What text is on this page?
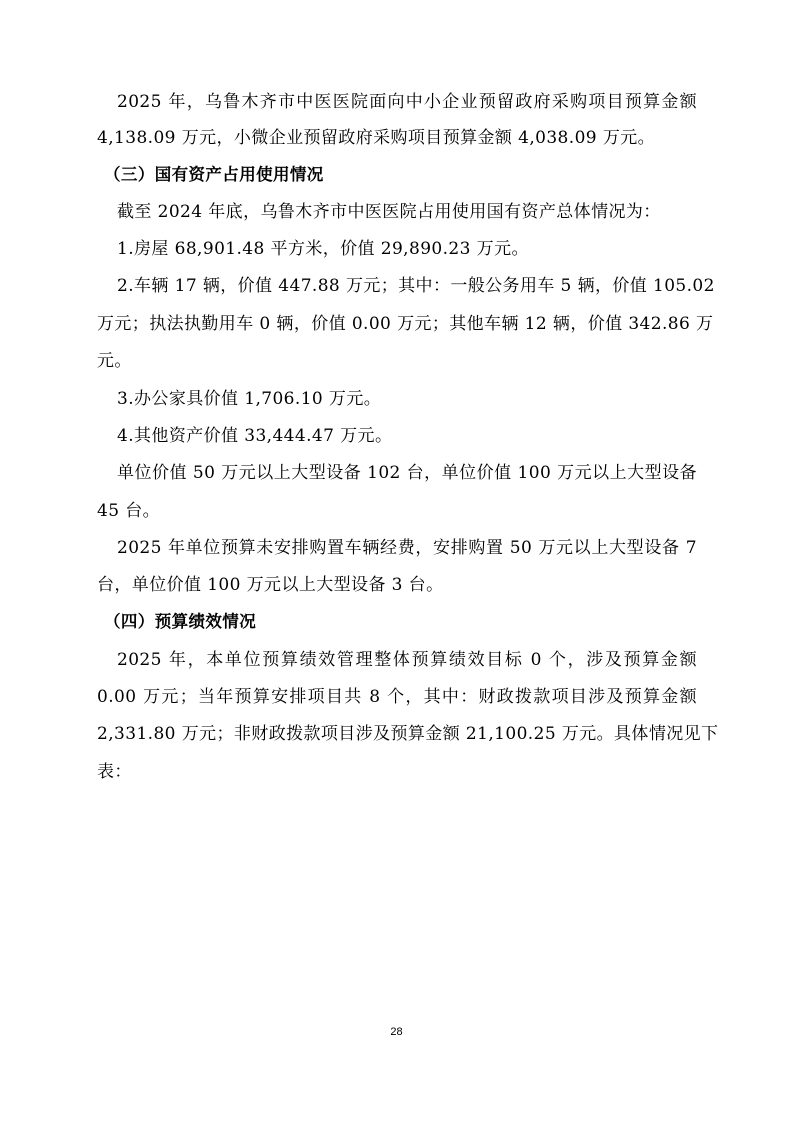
2025 年，乌鲁木齐市中医医院面向中小企业预留政府采购项目预算金额
4,138.09 万元，小微企业预留政府采购项目预算金额 4,038.09 万元。
（三）国有资产占用使用情况
截至 2024 年底，乌鲁木齐市中医医院占用使用国有资产总体情况为：
1.房屋 68,901.48 平方米，价值 29,890.23 万元。
2.车辆 17 辆，价值 447.88 万元；其中：一般公务用车 5 辆，价值 105.02
万元；执法执勤用车 0 辆，价值 0.00 万元；其他车辆 12 辆，价值 342.86 万
元。
3.办公家具价值 1,706.10 万元。
4.其他资产价值 33,444.47 万元。
单位价值 50 万元以上大型设备 102 台，单位价值 100 万元以上大型设备
45 台。
2025 年单位预算未安排购置车辆经费，安排购置 50 万元以上大型设备 7
台，单位价值 100 万元以上大型设备 3 台。
（四）预算绩效情况
2025 年，本单位预算绩效管理整体预算绩效目标 0 个，涉及预算金额
0.00 万元；当年预算安排项目共 8 个，其中：财政拨款项目涉及预算金额
2,331.80 万元；非财政拨款项目涉及预算金额 21,100.25 万元。具体情况见下
表：
28
